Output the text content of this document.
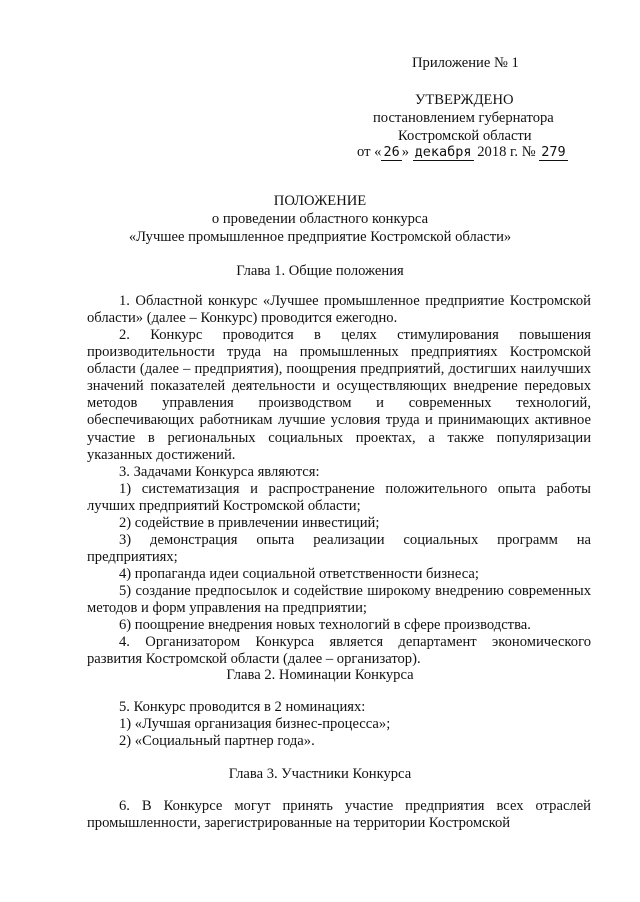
Приложение № 1
УТВЕРЖДЕНО
постановлением губернатора
Костромской области
от « 26 » декабря 2018 г. № 279
ПОЛОЖЕНИЕ
о проведении областного конкурса
«Лучшее промышленное предприятие Костромской области»
Глава 1. Общие положения

1. Областной конкурс «Лучшее промышленное предприятие Костромской области» (далее – Конкурс) проводится ежегодно.

2. Конкурс проводится в целях стимулирования повышения производительности труда на промышленных предприятиях Костромской области (далее – предприятия), поощрения предприятий, достигших наилучших значений показателей деятельности и осуществляющих внедрение передовых методов управления производством и современных технологий, обеспечивающих работникам лучшие условия труда и принимающих активное участие в региональных социальных проектах, а также популяризации указанных достижений.

3. Задачами Конкурса являются:

1) систематизация и распространение положительного опыта работы лучших предприятий Костромской области;

2) содействие в привлечении инвестиций;

3) демонстрация опыта реализации социальных программ на предприятиях;

4) пропаганда идеи социальной ответственности бизнеса;

5) создание предпосылок и содействие широкому внедрению современных методов и форм управления на предприятии;

6) поощрение внедрения новых технологий в сфере производства.

4. Организатором Конкурса является департамент экономического развития Костромской области (далее – организатор).

Глава 2. Номинации Конкурса

5. Конкурс проводится в 2 номинациях:

1) «Лучшая организация бизнес-процесса»;

2) «Социальный партнер года».

Глава 3. Участники Конкурса

6. В Конкурсе могут принять участие предприятия всех отраслей промышленности, зарегистрированные на территории Костромской
